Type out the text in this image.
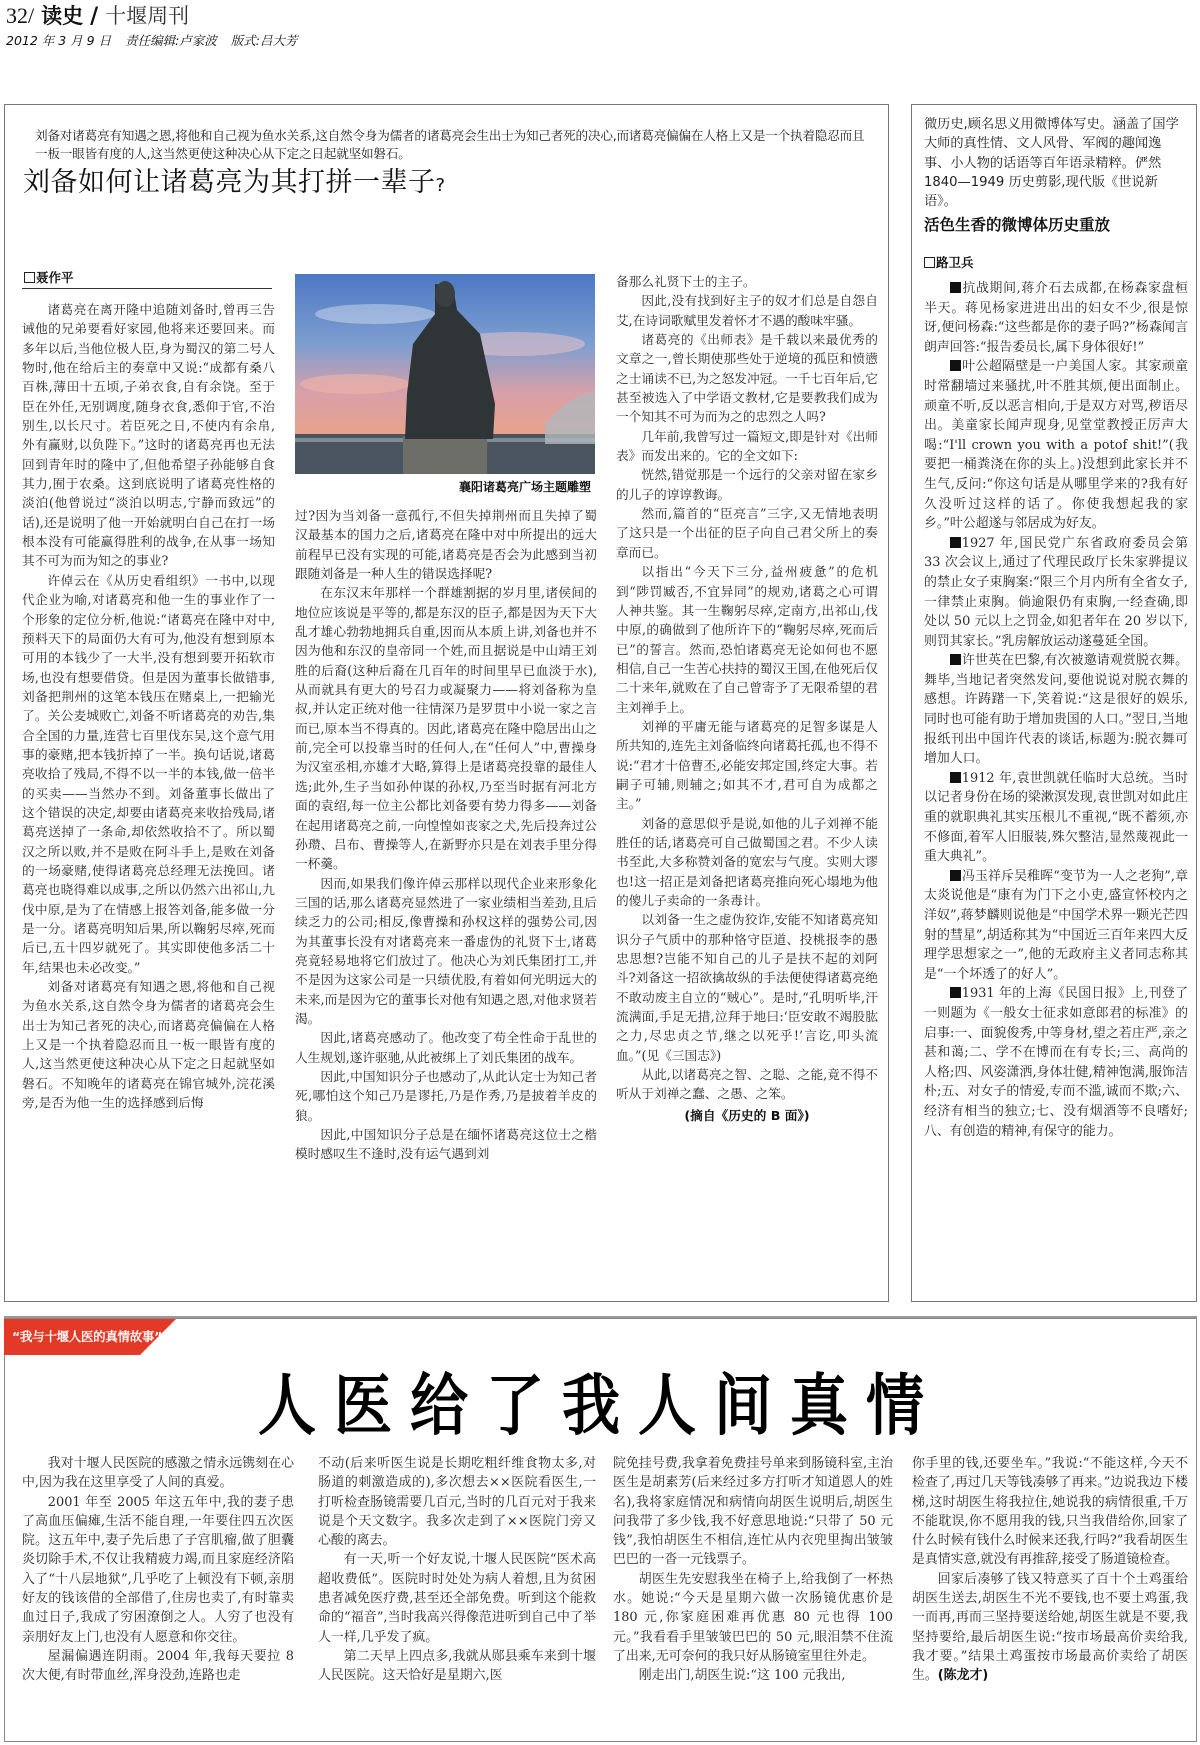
32/ 读史 / 十堰周刊
2012 年 3 月 9 日 责任编辑:卢家波 版式:吕大芳
刘备对诸葛亮有知遇之恩,将他和自己视为鱼水关系,这自然令身为儒者的诸葛亮会生出士为知己者死的决心,而诸葛亮偏偏在人格上又是一个执着隐忍而且一板一眼皆有度的人,这当然更使这种决心从下定之日起就坚如磐石。
刘备如何让诸葛亮为其打拼一辈子?
聂作平

诸葛亮在离开隆中追随刘备时,曾再三告诫他的兄弟要看好家园,他将来还要回来。而多年以后,当他位极人臣,身为蜀汉的第二号人物时,他在给后主的奏章中又说:“成都有桑八百株,薄田十五顷,子弟衣食,自有余饶。至于臣在外任,无别调度,随身衣食,悉仰于官,不治别生,以长尺寸。若臣死之日,不使内有余帛,外有赢财,以负陛下。”这时的诸葛亮再也无法回到青年时的隆中了,但他希望子孙能够自食其力,囿于农桑。这到底说明了诸葛亮性格的淡泊(他曾说过“淡泊以明志,宁静而致远”的话),还是说明了他一开始就明白自己在打一场根本没有可能赢得胜利的战争,在从事一场知其不可为而为知之的事业?

许倬云在《从历史看组织》一书中,以现代企业为喻,对诸葛亮和他一生的事业作了一个形象的定位分析,他说:“诸葛亮在隆中对中,预料天下的局面仍大有可为,他没有想到原本可用的本钱少了一大半,没有想到要开拓软市场,也没有想要借贷。但是因为董事长做错事,刘备把荆州的这笔本钱压在赌桌上,一把输光了。关公麦城败亡,刘备不听诸葛亮的劝告,集合全国的力量,连营七百里伐东吴,这个意气用事的豪赌,把本钱折掉了一半。换句话说,诸葛亮收拾了残局,不得不以一半的本钱,做一倍半的买卖——当然办不到。刘备董事长做出了这个错误的决定,却要由诸葛亮来收拾残局,诸葛亮送掉了一条命,却依然收拾不了。所以蜀汉之所以败,并不是败在阿斗手上,是败在刘备的一场豪赌,使得诸葛亮总经理无法挽回。诸葛亮也晓得难以成事,之所以仍然六出祁山,九伐中原,是为了在情感上报答刘备,能多做一分是一分。诸葛亮明知后果,所以鞠躬尽瘁,死而后已,五十四岁就死了。其实即使他多活二十年,结果也未必改变。”

刘备对诸葛亮有知遇之恩,将他和自己视为鱼水关系,这自然令身为儒者的诸葛亮会生出士为知己者死的决心,而诸葛亮偏偏在人格上又是一个执着隐忍而且一板一眼皆有度的人,这当然更使这种决心从下定之日起就坚如磐石。不知晚年的诸葛亮在锦官城外,浣花溪旁,是否为他一生的选择感到后悔

襄阳诸葛亮广场主题雕塑

过?因为当刘备一意孤行,不但失掉荆州而且失掉了蜀汉最基本的国力之后,诸葛亮在隆中对中所提出的远大前程早已没有实现的可能,诸葛亮是否会为此感到当初跟随刘备是一种人生的错误选择呢?

在东汉末年那样一个群雄割据的岁月里,诸侯间的地位应该说是平等的,都是东汉的臣子,都是因为天下大乱才雄心勃勃地拥兵自重,因而从本质上讲,刘备也并不因为他和东汉的皇帝同一个姓,而且据说是中山靖王刘胜的后裔(这种后裔在几百年的时间里早已血淡于水),从而就具有更大的号召力或凝聚力——将刘备称为皇叔,并认定正统对他一往情深乃是罗贯中小说一家之言而已,原本当不得真的。因此,诸葛亮在隆中隐居出山之前,完全可以投靠当时的任何人,在“任何人”中,曹操身为汉室丞相,亦雄才大略,算得上是诸葛亮投靠的最佳人选;此外,生子当如孙仲谋的孙权,乃至当时据有河北方面的袁绍,每一位主公都比刘备要有势力得多——刘备在起用诸葛亮之前,一向惶惶如丧家之犬,先后投奔过公孙瓒、吕布、曹操等人,在新野亦只是在刘表手里分得一杯羹。

因而,如果我们像许倬云那样以现代企业来形象化三国的话,那么诸葛亮显然进了一家业绩相当差劲,且后续乏力的公司;相反,像曹操和孙权这样的强势公司,因为其董事长没有对诸葛亮来一番虚伪的礼贤下士,诸葛亮竟轻易地将它们放过了。他决心为刘氏集团打工,并不是因为这家公司是一只绩优股,有着如何光明远大的未来,而是因为它的董事长对他有知遇之恩,对他求贤若渴。

因此,诸葛亮感动了。他改变了苟全性命于乱世的人生规划,遂许驱驰,从此被绑上了刘氏集团的战车。

因此,中国知识分子也感动了,从此认定士为知己者死,哪怕这个知己乃是谬托,乃是作秀,乃是披着羊皮的狼。

因此,中国知识分子总是在缅怀诸葛亮这位士之楷模时感叹生不逢时,没有运气遇到刘

备那么礼贤下士的主子。

因此,没有找到好主子的奴才们总是自怨自艾,在诗词歌赋里发着怀才不遇的酸味牢骚。

诸葛亮的《出师表》是千载以来最优秀的文章之一,曾长期使那些处于逆境的孤臣和愤懑之士诵读不已,为之怒发冲冠。一千七百年后,它甚至被选入了中学语文教材,它是要教我们成为一个知其不可为而为之的忠烈之人吗?

几年前,我曾写过一篇短文,即是针对《出师表》而发出来的。它的全文如下:

恍然,错觉那是一个远行的父亲对留在家乡的儿子的谆谆教诲。

然而,篇首的“臣亮言”三字,又无情地表明了这只是一个出征的臣子向自己君父所上的奏章而已。

以指出“今天下三分,益州疲惫”的危机到“陟罚臧否,不宜异同”的规劝,诸葛之心可谓人神共鉴。其一生鞠躬尽瘁,定南方,出祁山,伐中原,的确做到了他所许下的“鞠躬尽瘁,死而后已”的誓言。然而,恐怕诸葛亮无论如何也不愿相信,自己一生苦心扶持的蜀汉王国,在他死后仅二十来年,就败在了自己曾寄予了无限希望的君主刘禅手上。

刘禅的平庸无能与诸葛亮的足智多谋是人所共知的,连先主刘备临终向诸葛托孤,也不得不说:“君才十倍曹丕,必能安邦定国,终定大事。若嗣子可辅,则辅之;如其不才,君可自为成都之主。”

刘备的意思似乎是说,如他的儿子刘禅不能胜任的话,诸葛亮可自己做蜀国之君。不少人读书至此,大多称赞刘备的宽宏与气度。实则大谬也!这一招正是刘备把诸葛亮推向死心塌地为他的傻儿子卖命的一条毒计。

以刘备一生之虚伪狡诈,安能不知诸葛亮知识分子气质中的那种恪守臣道、投桃报李的愚忠思想?岂能不知自己的儿子是扶不起的刘阿斗?刘备这一招欲擒故纵的手法便使得诸葛亮绝不敢动废主自立的“贼心”。是时,“孔明听毕,汗流满面,手足无措,泣拜于地曰:‘臣安敢不竭股肱之力,尽忠贞之节,继之以死乎!’言讫,叩头流血。”(见《三国志》)

从此,以诸葛亮之智、之聪、之能,竟不得不听从于刘禅之蠢、之愚、之笨。

(摘自《历史的 B 面》)

微历史,顾名思义用微博体写史。涵盖了国学大师的真性情、文人风骨、军阀的趣闻逸事、小人物的话语等百年语录精粹。俨然 1840—1949 历史剪影,现代版《世说新语》。
活色生香的微博体历史重放
路卫兵

抗战期间,蒋介石去成都,在杨森家盘桓半天。蒋见杨家进进出出的妇女不少,很是惊讶,便问杨森:“这些都是你的妻子吗?”杨森闻言朗声回答:“报告委员长,属下身体很好!”

叶公超隔壁是一户美国人家。其家顽童时常翻墙过来骚扰,叶不胜其烦,便出面制止。顽童不听,反以恶言相向,于是双方对骂,秽语尽出。美童家长闻声现身,见堂堂教授正厉声大喝:“I'll crown you with a potof shit!”(我要把一桶粪浇在你的头上。)没想到此家长并不生气,反问:“你这句话是从哪里学来的?我有好久没听过这样的话了。你使我想起我的家乡。”叶公超遂与邻居成为好友。

1927 年,国民党广东省政府委员会第 33 次会议上,通过了代理民政厅长朱家骅提议的禁止女子束胸案:“限三个月内所有全省女子,一律禁止束胸。倘逾限仍有束胸,一经查确,即处以 50 元以上之罚金,如犯者年在 20 岁以下,则罚其家长。”乳房解放运动遂蔓延全国。

许世英在巴黎,有次被邀请观赏脱衣舞。舞毕,当地记者突然发问,要他说说对脱衣舞的感想。许踌躇一下,笑着说:“这是很好的娱乐,同时也可能有助于增加贵国的人口。”翌日,当地报纸刊出中国许代表的谈话,标题为:脱衣舞可增加人口。

1912 年,袁世凯就任临时大总统。当时以记者身份在场的梁漱溟发现,袁世凯对如此庄重的就职典礼其实压根儿不重视,“既不蓄须,亦不修面,着军人旧服装,殊欠整洁,显然蔑视此一重大典礼”。

冯玉祥斥吴稚晖“变节为一人之老狗”,章太炎说他是“康有为门下之小吏,盛宣怀校内之洋奴”,蒋梦麟则说他是“中国学术界一颗光芒四射的彗星”,胡适称其为“中国近三百年来四大反理学思想家之一”,他的无政府主义者同志称其是“一个坏透了的好人”。

1931 年的上海《民国日报》上,刊登了一则题为《一般女士征求如意郎君的标准》的启事:一、面貌俊秀,中等身材,望之若庄严,亲之甚和蔼;二、学不在博而在有专长;三、高尚的人格;四、风姿潇洒,身体壮健,精神饱满,服饰洁朴;五、对女子的情爱,专而不滥,诚而不欺;六、经济有相当的独立;七、没有烟酒等不良嗜好;八、有创造的精神,有保守的能力。

“我与十堰人医的真情故事”征文选
人医给了我人间真情

我对十堰人民医院的感激之情永远镌刻在心中,因为我在这里享受了人间的真爱。

2001 年至 2005 年这五年中,我的妻子患了高血压偏瘫,生活不能自理,一年要住四五次医院。这五年中,妻子先后患了子宫肌瘤,做了胆囊炎切除手术,不仅让我精疲力竭,而且家庭经济陷入了“十八层地狱”,几乎吃了上顿没有下顿,亲朋好友的钱该借的全部借了,住房也卖了,有时靠卖血过日子,我成了穷困潦倒之人。人穷了也没有亲朋好友上门,也没有人愿意和你交往。

屋漏偏遇连阴雨。2004 年,我每天要拉 8 次大便,有时带血丝,浑身没劲,连路也走

不动(后来听医生说是长期吃粗纤维食物太多,对肠道的刺激造成的),多次想去××医院看医生,一打听检查肠镜需要几百元,当时的几百元对于我来说是个天文数字。我多次走到了××医院门旁又心酸的离去。

有一天,听一个好友说,十堰人民医院“医术高超收费低”。医院时时处处为病人着想,且为贫困患者减免医疗费,甚至还全部免费。听到这个能救命的“福音”,当时我高兴得像范进听到自己中了举人一样,几乎发了疯。

第二天早上四点多,我就从郧县乘车来到十堰人民医院。这天恰好是星期六,医

院免挂号费,我拿着免费挂号单来到肠镜科室,主治医生是胡素芳(后来经过多方打听才知道恩人的姓名),我将家庭情况和病情向胡医生说明后,胡医生问我带了多少钱,我不好意思地说:“只带了 50 元钱”,我怕胡医生不相信,连忙从内衣兜里掏出皱皱巴巴的一沓一元钱票子。

胡医生先安慰我坐在椅子上,给我倒了一杯热水。她说:“今天是星期六做一次肠镜优惠价是 180 元,你家庭困难再优惠 80 元也得 100 元。”我看看手里皱皱巴巴的 50 元,眼泪禁不住流了出来,无可奈何的我只好从肠镜室里往外走。

刚走出门,胡医生说:“这 100 元我出,

你手里的钱,还要坐车。”我说:“不能这样,今天不检查了,再过几天等钱凑够了再来。”边说我边下楼梯,这时胡医生将我拉住,她说我的病情很重,千万不能耽误,你不愿用我的钱,只当我借给你,回家了什么时候有钱什么时候来还我,行吗?”我看胡医生是真情实意,就没有再推辞,接受了肠道镜检查。

回家后凑够了钱又特意买了百十个土鸡蛋给胡医生送去,胡医生不光不要钱,也不要土鸡蛋,我一而再,再而三坚持要送给她,胡医生就是不要,我坚持要给,最后胡医生说:“按市场最高价卖给我,我才要。”结果土鸡蛋按市场最高价卖给了胡医生。(陈龙才)
